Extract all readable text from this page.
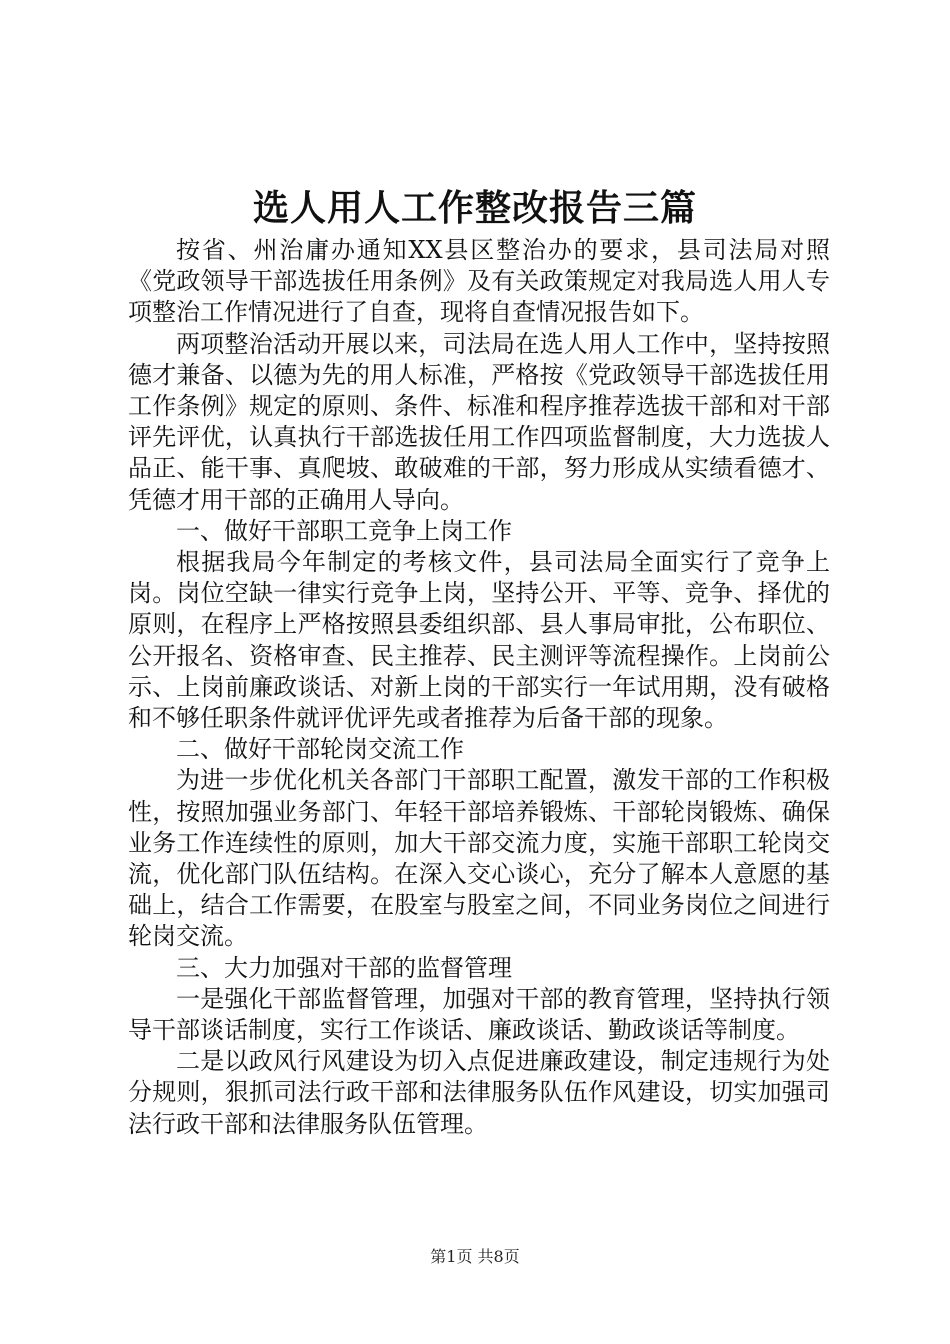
选人用人工作整改报告三篇

按省、州治庸办通知XX县区整治办的要求，县司法局对照《党政领导干部选拔任用条例》及有关政策规定对我局选人用人专项整治工作情况进行了自查，现将自查情况报告如下。

两项整治活动开展以来，司法局在选人用人工作中，坚持按照德才兼备、以德为先的用人标准，严格按《党政领导干部选拔任用工作条例》规定的原则、条件、标准和程序推荐选拔干部和对干部评先评优，认真执行干部选拔任用工作四项监督制度，大力选拔人品正、能干事、真爬坡、敢破难的干部，努力形成从实绩看德才、凭德才用干部的正确用人导向。

一、做好干部职工竞争上岗工作

根据我局今年制定的考核文件，县司法局全面实行了竞争上岗。岗位空缺一律实行竞争上岗，坚持公开、平等、竞争、择优的原则，在程序上严格按照县委组织部、县人事局审批，公布职位、公开报名、资格审查、民主推荐、民主测评等流程操作。上岗前公示、上岗前廉政谈话、对新上岗的干部实行一年试用期，没有破格和不够任职条件就评优评先或者推荐为后备干部的现象。

二、做好干部轮岗交流工作

为进一步优化机关各部门干部职工配置，激发干部的工作积极性，按照加强业务部门、年轻干部培养锻炼、干部轮岗锻炼、确保业务工作连续性的原则，加大干部交流力度，实施干部职工轮岗交流，优化部门队伍结构。在深入交心谈心，充分了解本人意愿的基础上，结合工作需要，在股室与股室之间，不同业务岗位之间进行轮岗交流。

三、大力加强对干部的监督管理

一是强化干部监督管理，加强对干部的教育管理，坚持执行领导干部谈话制度，实行工作谈话、廉政谈话、勤政谈话等制度。

二是以政风行风建设为切入点促进廉政建设，制定违规行为处分规则，狠抓司法行政干部和法律服务队伍作风建设，切实加强司法行政干部和法律服务队伍管理。

第1页 共8页
